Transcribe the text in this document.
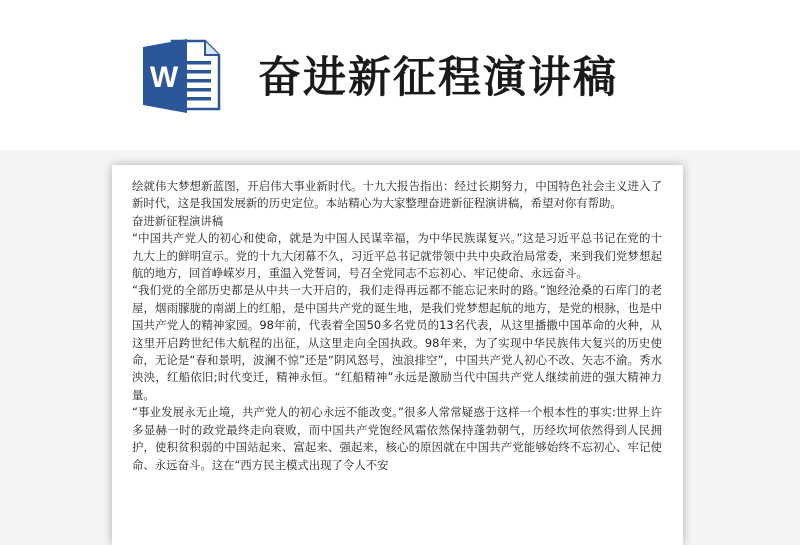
W 奋进新征程演讲稿

绘就伟大梦想新蓝图，开启伟大事业新时代。十九大报告指出：经过长期努力，中国特色社会主义进入了新时代，这是我国发展新的历史定位。本站精心为大家整理奋进新征程演讲稿，希望对你有帮助。

奋进新征程演讲稿

“中国共产党人的初心和使命，就是为中国人民谋幸福，为中华民族谋复兴。”这是习近平总书记在党的十九大上的鲜明宣示。党的十九大闭幕不久，习近平总书记就带领中共中央政治局常委，来到我们党梦想起航的地方，回首峥嵘岁月，重温入党誓词，号召全党同志不忘初心、牢记使命、永远奋斗。

“我们党的全部历史都是从中共一大开启的，我们走得再远都不能忘记来时的路。”饱经沧桑的石库门的老屋，烟雨朦胧的南湖上的红船，是中国共产党的诞生地，是我们党梦想起航的地方，是党的根脉，也是中国共产党人的精神家园。98年前，代表着全国50多名党员的13名代表，从这里播撒中国革命的火种，从这里开启跨世纪伟大航程的出征，从这里走向全国执政。98年来，为了实现中华民族伟大复兴的历史使命，无论是“春和景明，波澜不惊”还是“阴风怒号，浊浪排空”，中国共产党人初心不改、矢志不渝。秀水泱泱，红船依旧;时代变迁，精神永恒。“红船精神”永远是激励当代中国共产党人继续前进的强大精神力量。

“事业发展永无止境，共产党人的初心永远不能改变。”很多人常常疑惑于这样一个根本性的事实:世界上许多显赫一时的政党最终走向衰败，而中国共产党饱经风霜依然保持蓬勃朝气，历经坎坷依然得到人民拥护，使积贫积弱的中国站起来、富起来、强起来，核心的原因就在中国共产党能够始终不忘初心、牢记使命、永远奋斗。这在“西方民主模式出现了令人不安
